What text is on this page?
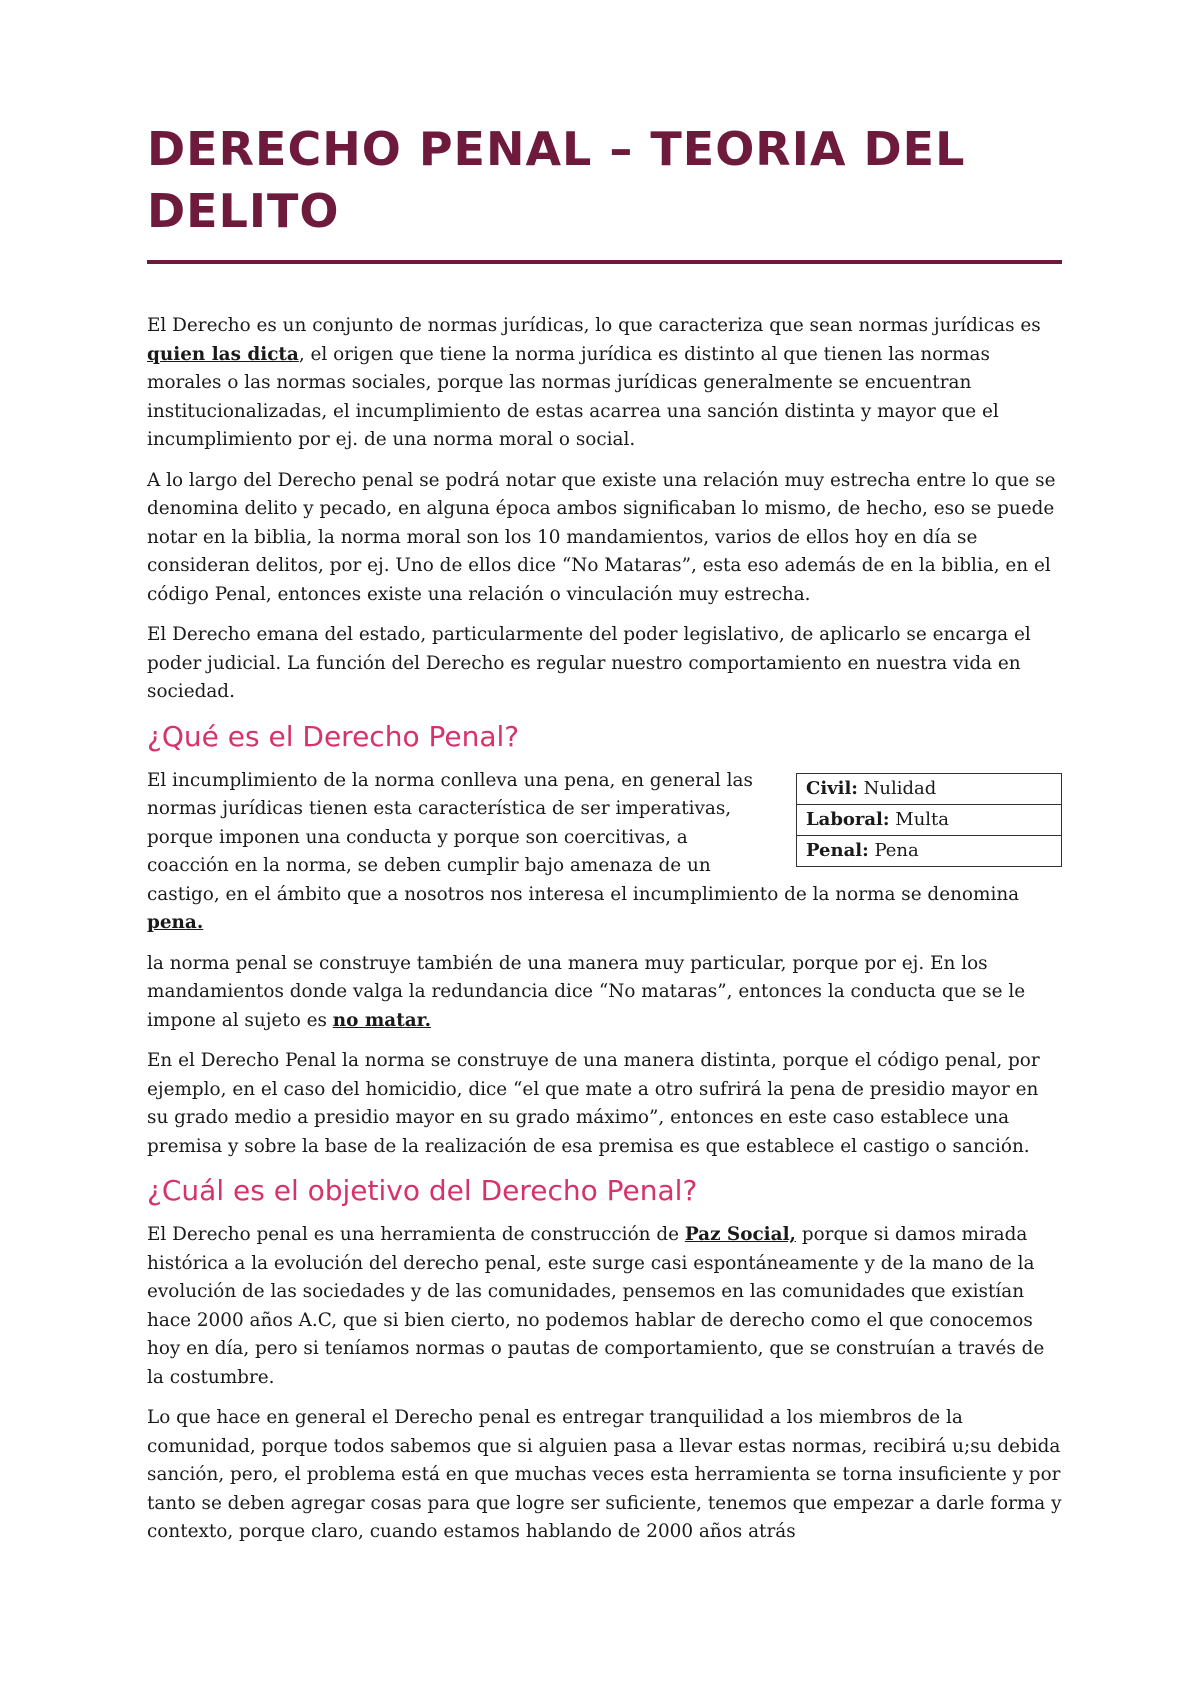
DERECHO PENAL – TEORIA DEL DELITO

El Derecho es un conjunto de normas jurídicas, lo que caracteriza que sean normas jurídicas es quien las dicta, el origen que tiene la norma jurídica es distinto al que tienen las normas morales o las normas sociales, porque las normas jurídicas generalmente se encuentran institucionalizadas, el incumplimiento de estas acarrea una sanción distinta y mayor que el incumplimiento por ej. de una norma moral o social.

A lo largo del Derecho penal se podrá notar que existe una relación muy estrecha entre lo que se denomina delito y pecado, en alguna época ambos significaban lo mismo, de hecho, eso se puede notar en la biblia, la norma moral son los 10 mandamientos, varios de ellos hoy en día se consideran delitos, por ej. Uno de ellos dice “No Mataras”, esta eso además de en la biblia, en el código Penal, entonces existe una relación o vinculación muy estrecha.

El Derecho emana del estado, particularmente del poder legislativo, de aplicarlo se encarga el poder judicial. La función del Derecho es regular nuestro comportamiento en nuestra vida en sociedad.

¿Qué es el Derecho Penal?
Civil: Nulidad
Laboral: Multa
Penal: Pena

El incumplimiento de la norma conlleva una pena, en general las normas jurídicas tienen esta característica de ser imperativas, porque imponen una conducta y porque son coercitivas, a coacción en la norma, se deben cumplir bajo amenaza de un castigo, en el ámbito que a nosotros nos interesa el incumplimiento de la norma se denomina pena.

la norma penal se construye también de una manera muy particular, porque por ej. En los mandamientos donde valga la redundancia dice “No mataras”, entonces la conducta que se le impone al sujeto es no matar.

En el Derecho Penal la norma se construye de una manera distinta, porque el código penal, por ejemplo, en el caso del homicidio, dice “el que mate a otro sufrirá la pena de presidio mayor en su grado medio a presidio mayor en su grado máximo”, entonces en este caso establece una premisa y sobre la base de la realización de esa premisa es que establece el castigo o sanción.

¿Cuál es el objetivo del Derecho Penal?

El Derecho penal es una herramienta de construcción de Paz Social, porque si damos mirada histórica a la evolución del derecho penal, este surge casi espontáneamente y de la mano de la evolución de las sociedades y de las comunidades, pensemos en las comunidades que existían hace 2000 años A.C, que si bien cierto, no podemos hablar de derecho como el que conocemos hoy en día, pero si teníamos normas o pautas de comportamiento, que se construían a través de la costumbre.

Lo que hace en general el Derecho penal es entregar tranquilidad a los miembros de la comunidad, porque todos sabemos que si alguien pasa a llevar estas normas, recibirá u;su debida sanción, pero, el problema está en que muchas veces esta herramienta se torna insuficiente y por tanto se deben agregar cosas para que logre ser suficiente, tenemos que empezar a darle forma y contexto, porque claro, cuando estamos hablando de 2000 años atrás
